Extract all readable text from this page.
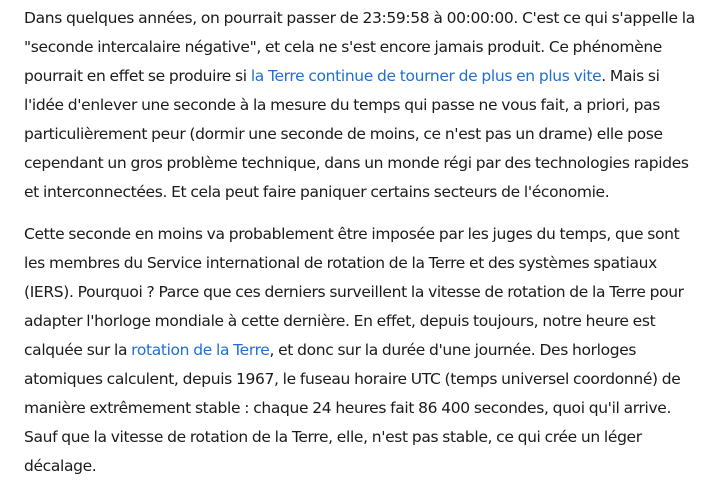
Dans quelques années, on pourrait passer de 23:59:58 à 00:00:00. C'est ce qui s'appelle la "seconde intercalaire négative", et cela ne s'est encore jamais produit. Ce phénomène pourrait en effet se produire si la Terre continue de tourner de plus en plus vite. Mais si l'idée d'enlever une seconde à la mesure du temps qui passe ne vous fait, a priori, pas particulièrement peur (dormir une seconde de moins, ce n'est pas un drame) elle pose cependant un gros problème technique, dans un monde régi par des technologies rapides et interconnectées. Et cela peut faire paniquer certains secteurs de l'économie.

Cette seconde en moins va probablement être imposée par les juges du temps, que sont les membres du Service international de rotation de la Terre et des systèmes spatiaux (IERS). Pourquoi ? Parce que ces derniers surveillent la vitesse de rotation de la Terre pour adapter l'horloge mondiale à cette dernière. En effet, depuis toujours, notre heure est calquée sur la rotation de la Terre, et donc sur la durée d'une journée. Des horloges atomiques calculent, depuis 1967, le fuseau horaire UTC (temps universel coordonné) de manière extrêmement stable : chaque 24 heures fait 86 400 secondes, quoi qu'il arrive. Sauf que la vitesse de rotation de la Terre, elle, n'est pas stable, ce qui crée un léger décalage.
